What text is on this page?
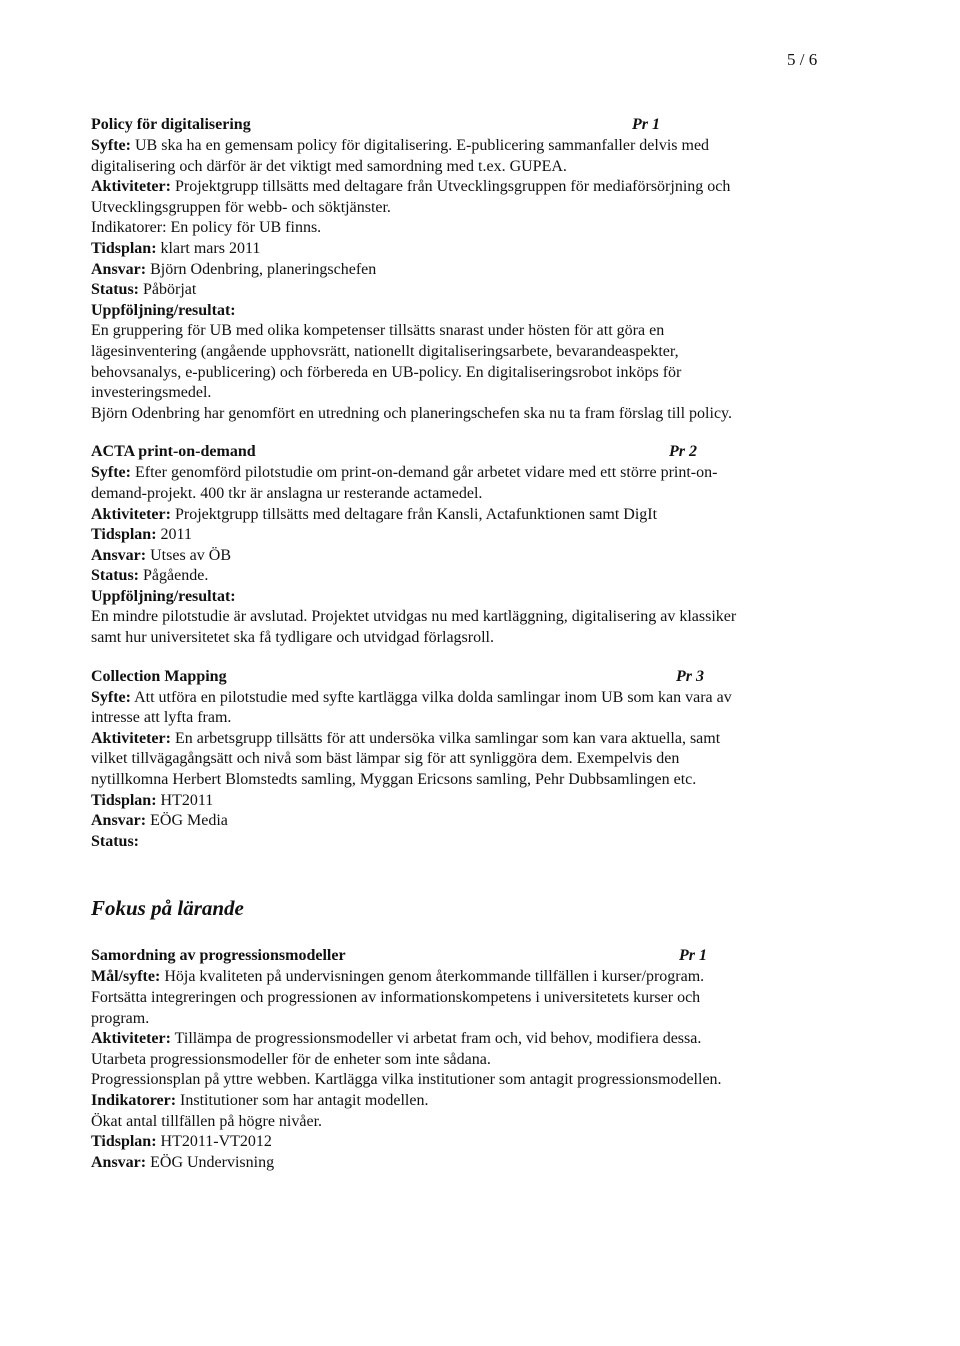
5 / 6
Policy för digitalisering	Pr 1
Syfte: UB ska ha en gemensam policy för digitalisering. E-publicering sammanfaller delvis med
digitalisering och därför är det viktigt med samordning med t.ex. GUPEA.
Aktiviteter: Projektgrupp tillsätts med deltagare från Utvecklingsgruppen för mediaförsörjning och
Utvecklingsgruppen för webb- och söktjänster.
Indikatorer: En policy för UB finns.
Tidsplan: klart mars 2011
Ansvar: Björn Odenbring, planeringschefen
Status: Påbörjat
Uppföljning/resultat:
En gruppering för UB med olika kompetenser tillsätts snarast under hösten för att göra en
lägesinventering (angående upphovsrätt, nationellt digitaliseringsarbete, bevarandeaspekter,
behovsanalys, e-publicering) och förbereda en UB-policy. En digitaliseringsrobot inköps för
investeringsmedel.
Björn Odenbring har genomfört en utredning och planeringschefen ska nu ta fram förslag till policy.
ACTA print-on-demand	Pr 2
Syfte: Efter genomförd pilotstudie om print-on-demand går arbetet vidare med ett större print-on-
demand-projekt. 400 tkr är anslagna ur resterande actamedel.
Aktiviteter: Projektgrupp tillsätts med deltagare från Kansli, Actafunktionen samt DigIt
Tidsplan: 2011
Ansvar: Utses av ÖB
Status: Pågående.
Uppföljning/resultat:
En mindre pilotstudie är avslutad. Projektet utvidgas nu med kartläggning, digitalisering av klassiker
samt hur universitetet ska få tydligare och utvidgad förlagsroll.
Collection Mapping	Pr 3
Syfte: Att utföra en pilotstudie med syfte kartlägga vilka dolda samlingar inom UB som kan vara av
intresse att lyfta fram.
Aktiviteter: En arbetsgrupp tillsätts för att undersöka vilka samlingar som kan vara aktuella, samt
vilket tillvägagångsätt och nivå som bäst lämpar sig för att synliggöra dem. Exempelvis den
nytillkomna Herbert Blomstedts samling, Myggan Ericsons samling, Pehr Dubbsamlingen etc.
Tidsplan: HT2011
Ansvar: EÖG Media
Status:
Fokus på lärande
Samordning av progressionsmodeller	Pr 1
Mål/syfte: Höja kvaliteten på undervisningen genom återkommande tillfällen i kurser/program.
Fortsätta integreringen och progressionen av informationskompetens i universitetets kurser och
program.
Aktiviteter: Tillämpa de progressionsmodeller vi arbetat fram och, vid behov, modifiera dessa.
Utarbeta progressionsmodeller för de enheter som inte sådana.
Progressionsplan på yttre webben. Kartlägga vilka institutioner som antagit progressionsmodellen.
Indikatorer: Institutioner som har antagit modellen.
Ökat antal tillfällen på högre nivåer.
Tidsplan: HT2011-VT2012
Ansvar: EÖG Undervisning
